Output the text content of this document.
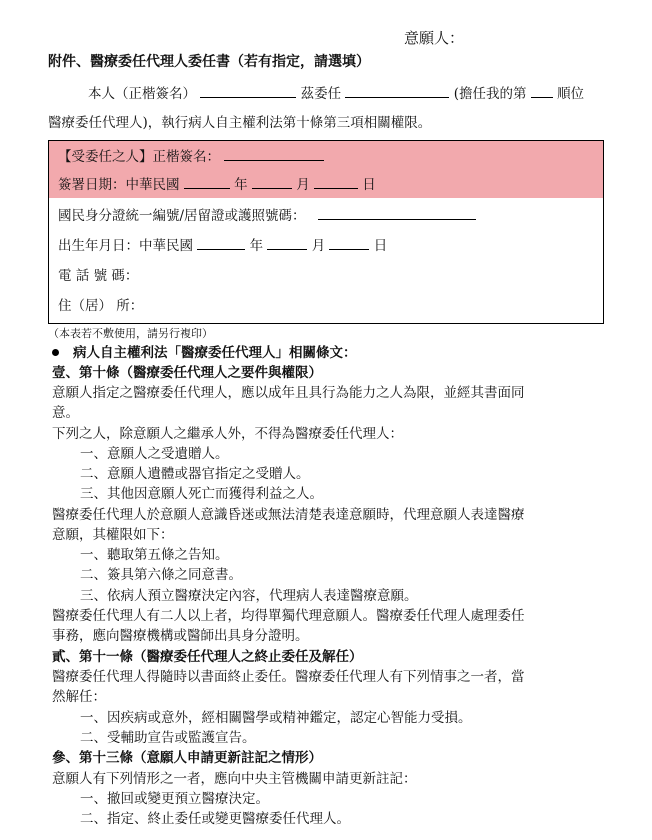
意願人：
附件、醫療委任代理人委任書（若有指定，請選填）
本人（正楷簽名）	茲委任	(擔任我的第 順位
醫療委任代理人)，執行病人自主權利法第十條第三項相關權限。
【受委任之人】正楷簽名：
簽署日期：中華民國	年	月	日
國民身分證統一編號/居留證或護照號碼：
出生年月日：中華民國	年	月	日
電 話 號 碼：
住（居） 所：
（本表若不敷使用，請另行複印）
病人自主權利法「醫療委任代理人」相關條文：
壹、第十條（醫療委任代理人之要件與權限）
意願人指定之醫療委任代理人，應以成年且具行為能力之人為限，並經其書面同
意。
下列之人，除意願人之繼承人外，不得為醫療委任代理人：
一、意願人之受遺贈人。
二、意願人遺體或器官指定之受贈人。
三、其他因意願人死亡而獲得利益之人。
醫療委任代理人於意願人意識昏迷或無法清楚表達意願時，代理意願人表達醫療
意願，其權限如下：
一、聽取第五條之告知。
二、簽具第六條之同意書。
三、依病人預立醫療決定內容，代理病人表達醫療意願。
醫療委任代理人有二人以上者，均得單獨代理意願人。醫療委任代理人處理委任
事務，應向醫療機構或醫師出具身分證明。
貳、第十一條（醫療委任代理人之終止委任及解任）
醫療委任代理人得隨時以書面終止委任。醫療委任代理人有下列情事之一者，當
然解任：
一、因疾病或意外，經相關醫學或精神鑑定，認定心智能力受損。
二、受輔助宣告或監護宣告。
參、第十三條（意願人申請更新註記之情形）
意願人有下列情形之一者，應向中央主管機關申請更新註記：
一、撤回或變更預立醫療決定。
二、指定、終止委任或變更醫療委任代理人。
